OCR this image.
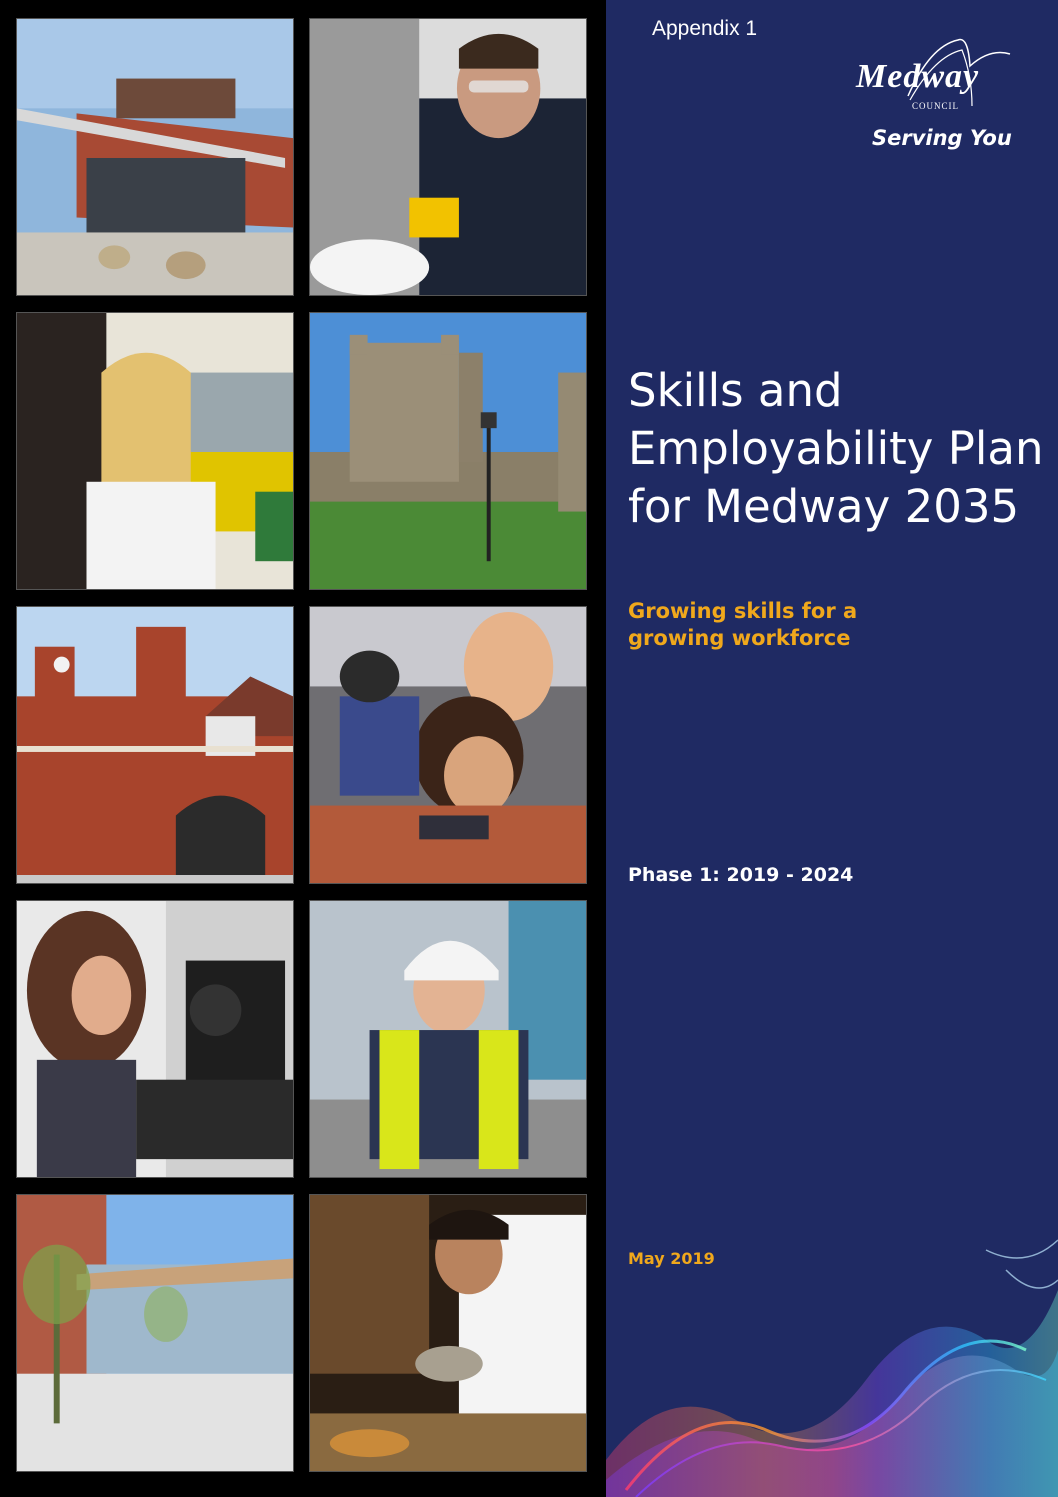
Appendix 1
Medway
COUNCIL
Serving You
Skills and
Employability Plan
for Medway 2035
Growing skills for a
growing workforce
Phase 1: 2019 - 2024
May 2019
